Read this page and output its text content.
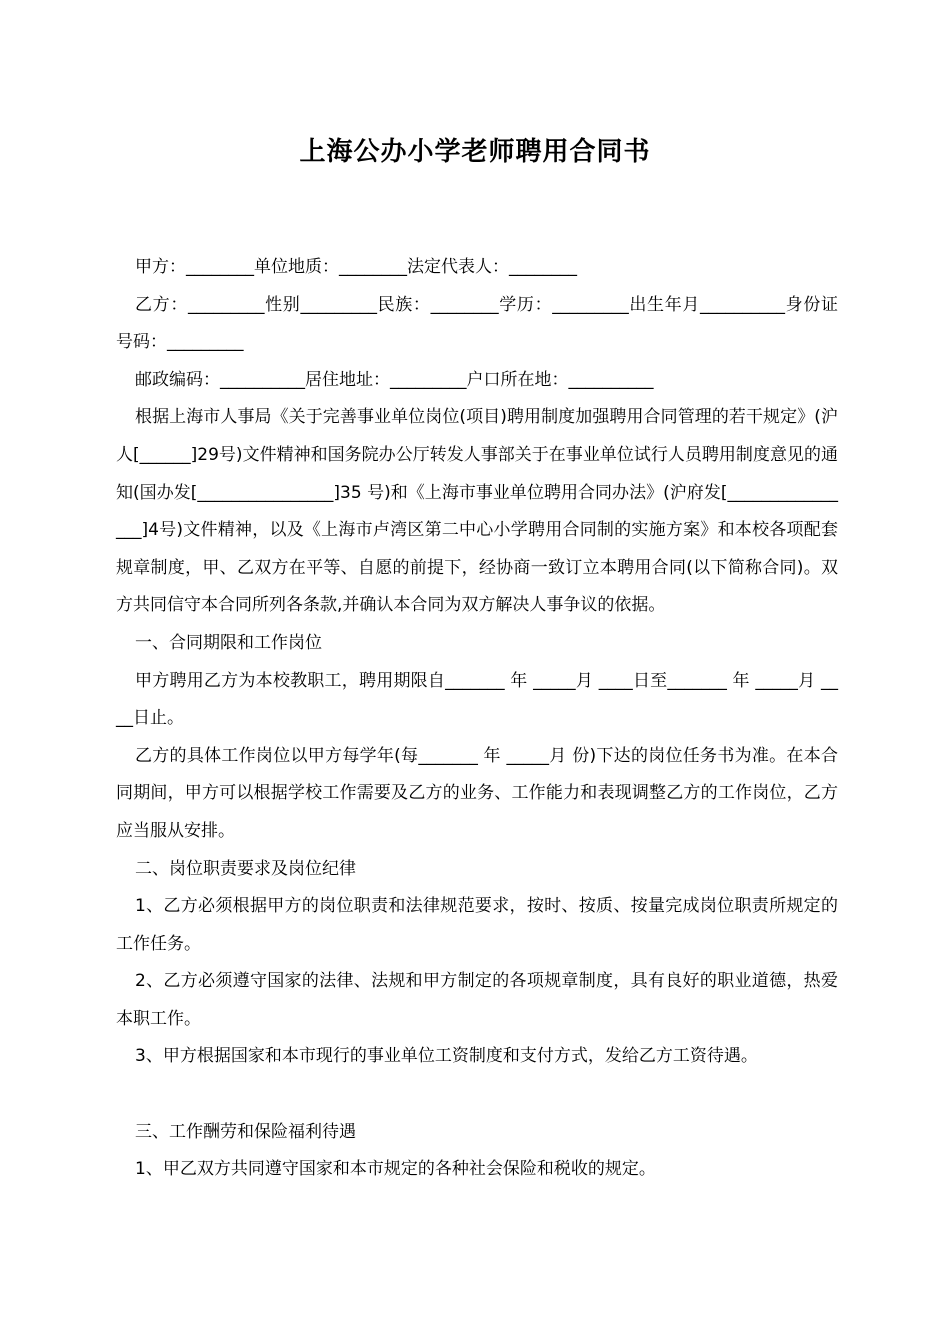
上海公办小学老师聘用合同书

甲方：________单位地质：________法定代表人：________

乙方：_________性别_________民族：________学历：_________出生年月__________身份证号码：_________

邮政编码：__________居住地址：_________户口所在地：__________

根据上海市人事局《关于完善事业单位岗位(项目)聘用制度加强聘用合同管理的若干规定》(沪人[______]29号)文件精神和国务院办公厅转发人事部关于在事业单位试行人员聘用制度意见的通知(国办发[________________]35 号)和《上海市事业单位聘用合同办法》(沪府发[________________]4号)文件精神，以及《上海市卢湾区第二中心小学聘用合同制的实施方案》和本校各项配套规章制度，甲、乙双方在平等、自愿的前提下，经协商一致订立本聘用合同(以下简称合同)。双方共同信守本合同所列各条款,并确认本合同为双方解决人事争议的依据。

一、合同期限和工作岗位

甲方聘用乙方为本校教职工，聘用期限自_______ 年 _____月 ____日至_______ 年 _____月 ____日止。

乙方的具体工作岗位以甲方每学年(每_______ 年 _____月 份)下达的岗位任务书为准。在本合同期间，甲方可以根据学校工作需要及乙方的业务、工作能力和表现调整乙方的工作岗位，乙方应当服从安排。

二、岗位职责要求及岗位纪律

1、乙方必须根据甲方的岗位职责和法律规范要求，按时、按质、按量完成岗位职责所规定的工作任务。

2、乙方必须遵守国家的法律、法规和甲方制定的各项规章制度，具有良好的职业道德，热爱本职工作。

3、甲方根据国家和本市现行的事业单位工资制度和支付方式，发给乙方工资待遇。

三、工作酬劳和保险福利待遇

1、甲乙双方共同遵守国家和本市规定的各种社会保险和税收的规定。
